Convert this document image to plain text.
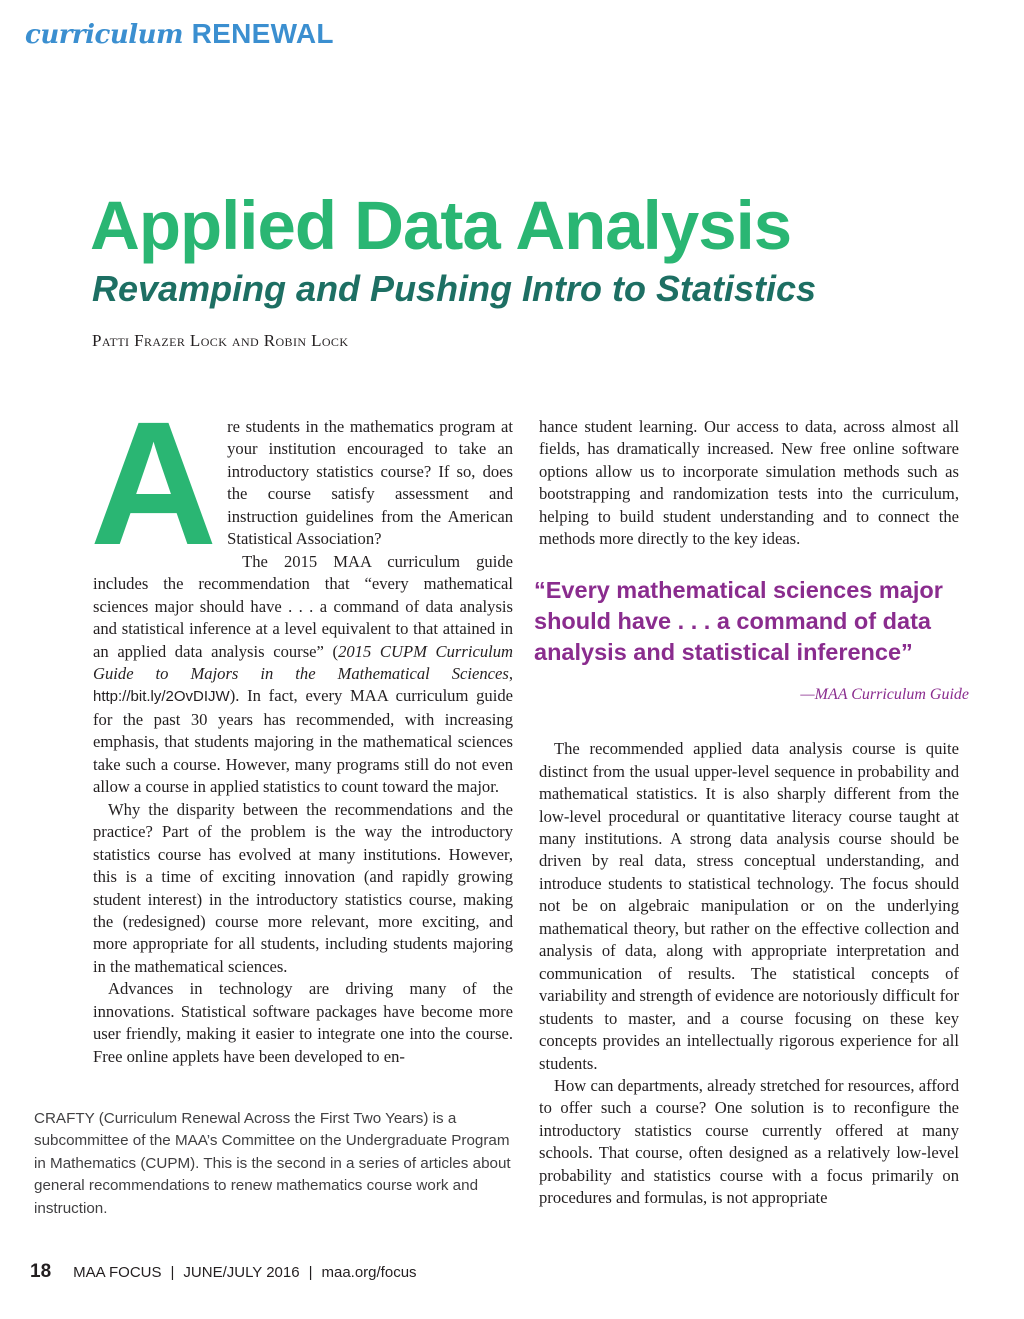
curriculum RENEWAL
Applied Data Analysis
Revamping and Pushing Intro to Statistics
Patti Frazer Lock and Robin Lock

Are students in the mathematics program at your institution encouraged to take an introductory statistics course? If so, does the course satisfy assessment and instruction guidelines from the American Statistical Association?

The 2015 MAA curriculum guide includes the recommendation that “every mathematical sciences major should have . . . a command of data analysis and statistical inference at a level equivalent to that attained in an applied data analysis course” (2015 CUPM Curriculum Guide to Majors in the Mathematical Sciences, http://bit.ly/2OvDIJW). In fact, every MAA curriculum guide for the past 30 years has recommended, with increasing emphasis, that students majoring in the mathematical sciences take such a course. However, many programs still do not even allow a course in applied statistics to count toward the major.

Why the disparity between the recommendations and the practice? Part of the problem is the way the introductory statistics course has evolved at many institutions. However, this is a time of exciting innovation (and rapidly growing student interest) in the introductory statistics course, making the (redesigned) course more relevant, more exciting, and more appropriate for all students, including students majoring in the mathematical sciences.

Advances in technology are driving many of the innovations. Statistical software packages have become more user friendly, making it easier to integrate one into the course. Free online applets have been developed to en-

hance student learning. Our access to data, across almost all fields, has dramatically increased. New free online software options allow us to incorporate simulation methods such as bootstrapping and randomization tests into the curriculum, helping to build student understanding and to connect the methods more directly to the key ideas.

“Every mathematical sciences major should have . . . a command of data analysis and statistical inference”
—MAA Curriculum Guide

The recommended applied data analysis course is quite distinct from the usual upper-level sequence in probability and mathematical statistics. It is also sharply different from the low-level procedural or quantitative literacy course taught at many institutions. A strong data analysis course should be driven by real data, stress conceptual understanding, and introduce students to statistical technology. The focus should not be on algebraic manipulation or on the underlying mathematical theory, but rather on the effective collection and analysis of data, along with appropriate interpretation and communication of results. The statistical concepts of variability and strength of evidence are notoriously difficult for students to master, and a course focusing on these key concepts provides an intellectually rigorous experience for all students.

How can departments, already stretched for resources, afford to offer such a course? One solution is to reconfigure the introductory statistics course currently offered at many schools. That course, often designed as a relatively low-level probability and statistics course with a focus primarily on procedures and formulas, is not appropriate

CRAFTY (Curriculum Renewal Across the First Two Years) is a subcommittee of the MAA’s Committee on the Undergraduate Program in Mathematics (CUPM). This is the second in a series of articles about general recommendations to renew mathematics course work and instruction.
18 MAA FOCUS | JUNE/JULY 2016 | maa.org/focus
